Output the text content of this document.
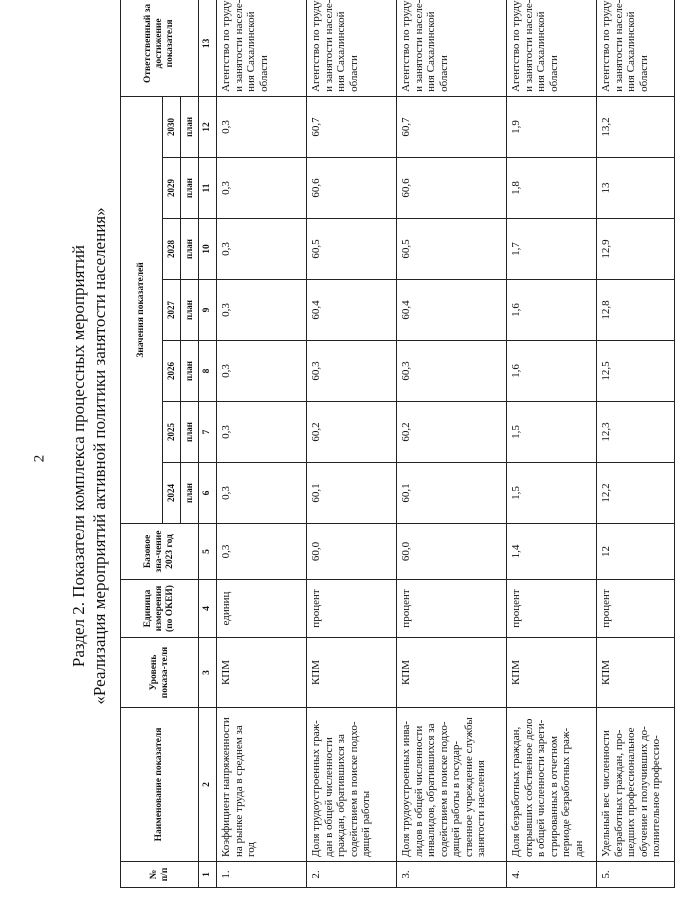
2 Раздел 2. Показатели комплекса процессных мероприятий «Реализация мероприятий активной политики занятости населения»
№ п/п	Наименование показателя	Уровень показа-теля	Единица измерения (по ОКЕИ)	Базовое зна-чение 2023 год	Значения показателей							Ответственный за достижение показателя
					2024	2025	2026	2027	2028	2029	2030	
					план	план	план	план	план	план	план	
1	2	3	4	5	6	7	8	9	10	11	12	13
1.	Коэффициент напряженности на рынке труда в среднем за год	КПМ	единиц	0,3	0,3	0,3	0,3	0,3	0,3	0,3	0,3	Агентство по труду и занятости населе-ния Сахалинской области
2.	Доля трудоустроенных граж-дан в общей численности граждан, обратившихся за содействием в поиске подхо-дящей работы	КПМ	процент	60,0	60,1	60,2	60,3	60,4	60,5	60,6	60,7	Агентство по труду и занятости населе-ния Сахалинской области
3.	Доля трудоустроенных инва-лидов в общей численности инвалидов, обратившихся за содействием в поиске подхо-дящей работы в государ-ственное учреждение службы занятости населения	КПМ	процент	60,0	60,1	60,2	60,3	60,4	60,5	60,6	60,7	Агентство по труду и занятости населе-ния Сахалинской области
4.	Доля безработных граждан, открывших собственное дело в общей численности зареги-стрированных в отчетном периоде безработных граж-дан	КПМ	процент	1,4	1,5	1,5	1,6	1,6	1,7	1,8	1,9	Агентство по труду и занятости населе-ния Сахалинской области
5.	Удельный вес численности безработных граждан, про-шедших профессиональное обучение и получивших до-полнительное профессио-	КПМ	процент	12	12,2	12,3	12,5	12,8	12,9	13	13,2	Агентство по труду и занятости населе-ния Сахалинской области
